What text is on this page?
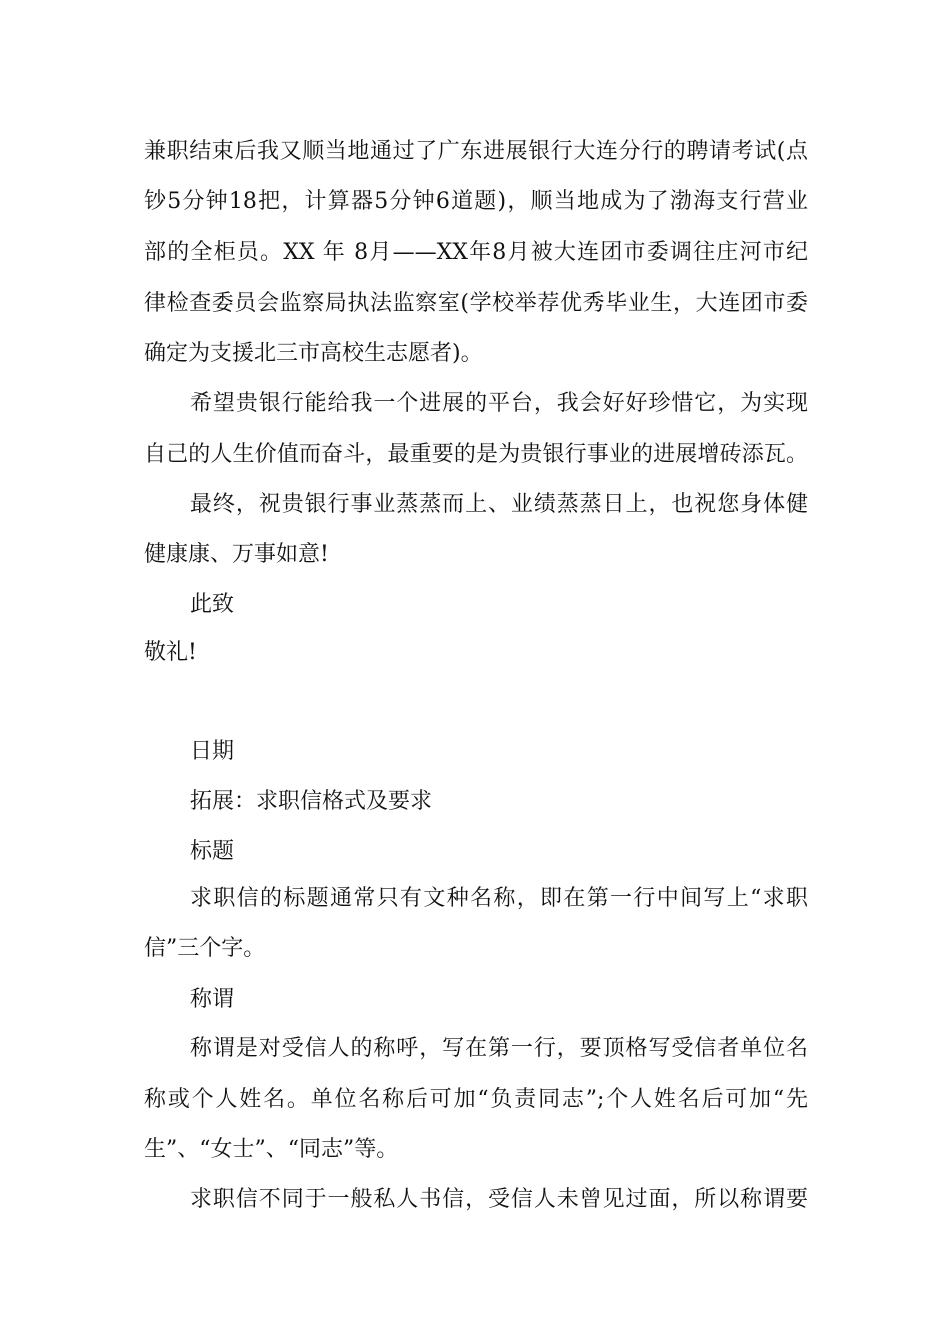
兼职结束后我又顺当地通过了广东进展银行大连分行的聘请考试(点
钞5分钟18把，计算器5分钟6道题)，顺当地成为了渤海支行营业
部的全柜员。XX 年 8月——XX年8月被大连团市委调往庄河市纪
律检查委员会监察局执法监察室(学校举荐优秀毕业生，大连团市委
确定为支援北三市高校生志愿者)。
希望贵银行能给我一个进展的平台，我会好好珍惜它，为实现
自己的人生价值而奋斗，最重要的是为贵银行事业的进展增砖添瓦。
最终，祝贵银行事业蒸蒸而上、业绩蒸蒸日上，也祝您身体健
健康康、万事如意!
此致
敬礼!
日期
拓展：求职信格式及要求
标题
求职信的标题通常只有文种名称，即在第一行中间写上“求职
信”三个字。
称谓
称谓是对受信人的称呼，写在第一行，要顶格写受信者单位名
称或个人姓名。单位名称后可加“负责同志”;个人姓名后可加“先
生”、“女士”、“同志”等。
求职信不同于一般私人书信，受信人未曾见过面，所以称谓要
